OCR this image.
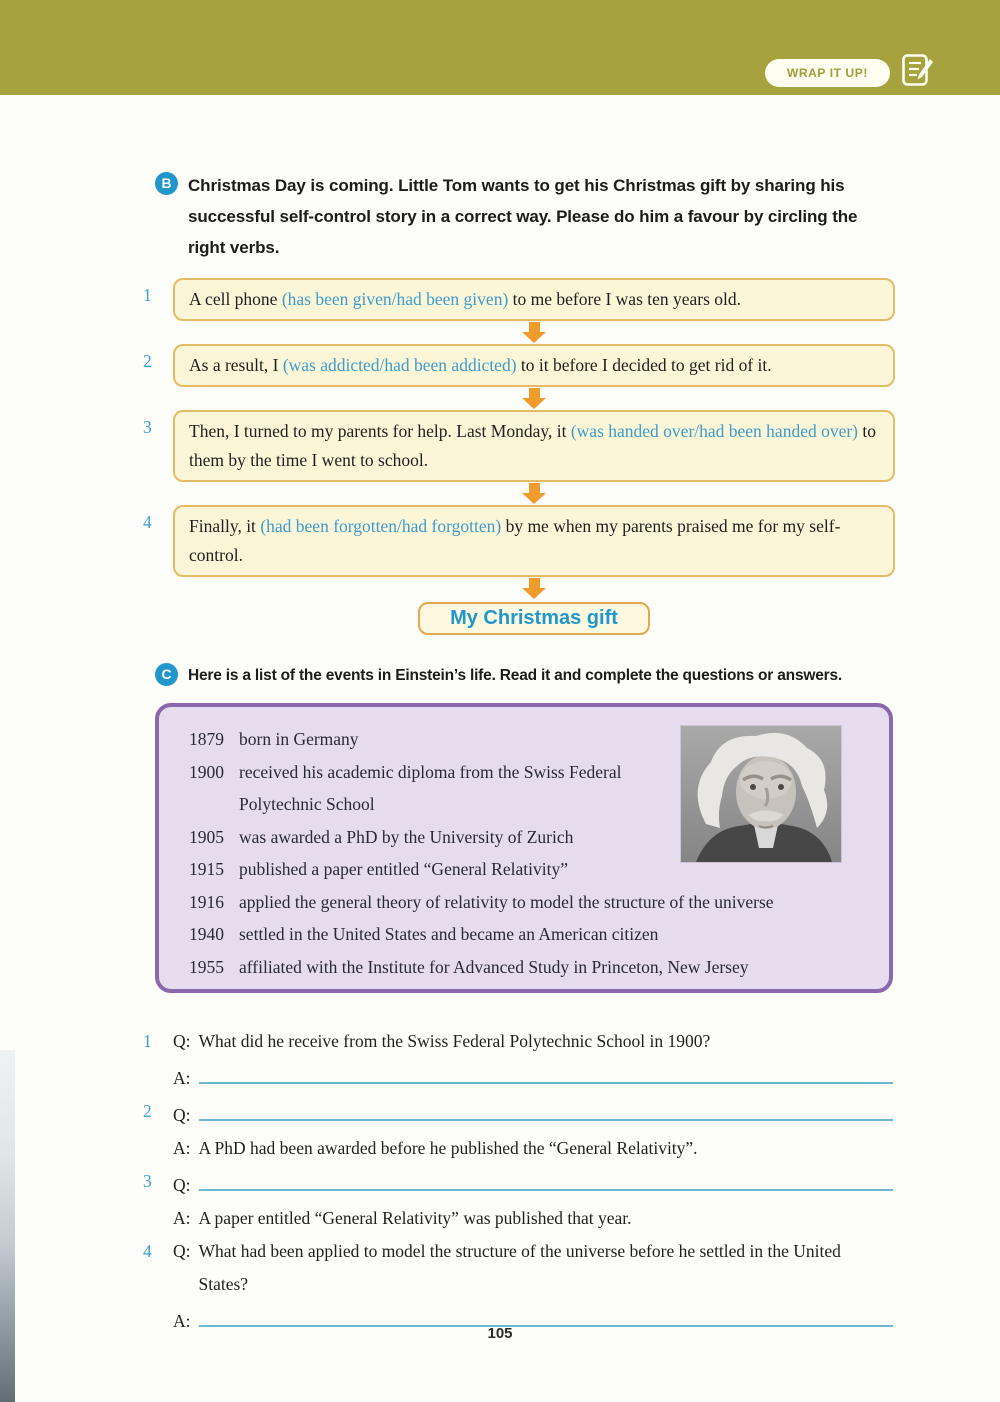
WRAP IT UP!
B Christmas Day is coming. Little Tom wants to get his Christmas gift by sharing his successful self-control story in a correct way. Please do him a favour by circling the right verbs.
1	A cell phone (has been given/had been given) to me before I was ten years old.
2	As a result, I (was addicted/had been addicted) to it before I decided to get rid of it.
3	Then, I turned to my parents for help. Last Monday, it (was handed over/had been handed over) to them by the time I went to school.
4	Finally, it (had been forgotten/had forgotten) by me when my parents praised me for my self-control.
My Christmas gift
C	Here is a list of the events in Einstein’s life. Read it and complete the questions or answers.
1879 born in Germany
1900 received his academic diploma from the Swiss Federal Polytechnic School
1905 was awarded a PhD by the University of Zurich
1915 published a paper entitled “General Relativity”
1916 applied the general theory of relativity to model the structure of the universe
1940 settled in the United States and became an American citizen
1955 affiliated with the Institute for Advanced Study in Princeton, New Jersey
1	Q: What did he receive from the Swiss Federal Polytechnic School in 1900?
A:
2	Q:
A: A PhD had been awarded before he published the “General Relativity”.
3	Q:
A: A paper entitled “General Relativity” was published that year.
4	Q: What had been applied to model the structure of the universe before he settled in the United States?
A:
105
